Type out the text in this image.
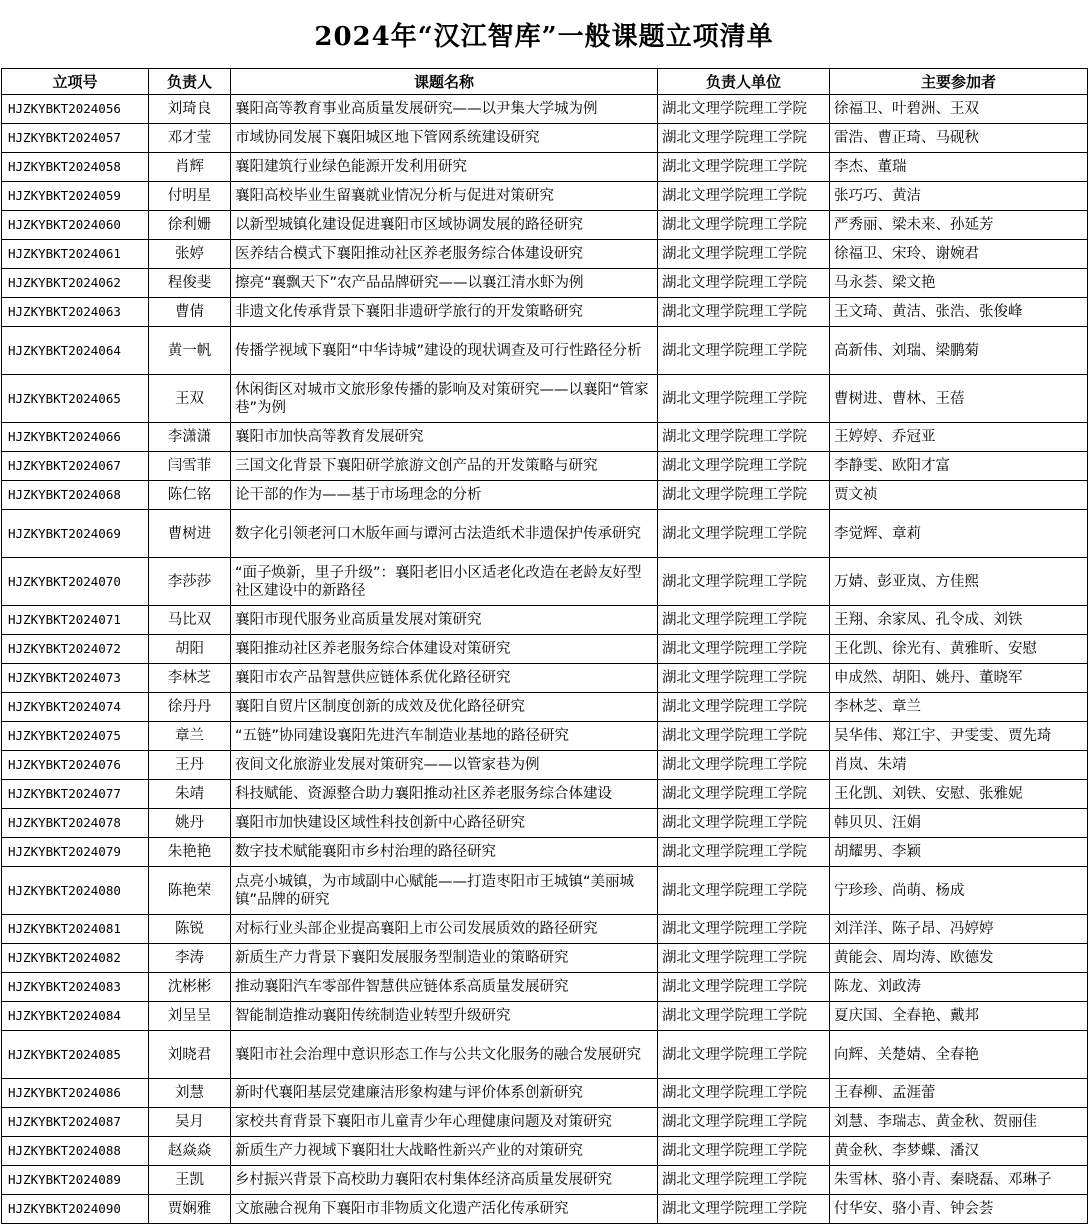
2024年“汉江智库”一般课题立项清单
立项号	负责人	课题名称	负责人单位	主要参加者
HJZKYBKT2024056	刘琦良	襄阳高等教育事业高质量发展研究——以尹集大学城为例	湖北文理学院理工学院	徐福卫、叶碧洲、王双
HJZKYBKT2024057	邓才莹	市域协同发展下襄阳城区地下管网系统建设研究	湖北文理学院理工学院	雷浩、曹正琦、马砚秋
HJZKYBKT2024058	肖辉	襄阳建筑行业绿色能源开发利用研究	湖北文理学院理工学院	李杰、董瑞
HJZKYBKT2024059	付明星	襄阳高校毕业生留襄就业情况分析与促进对策研究	湖北文理学院理工学院	张巧巧、黄洁
HJZKYBKT2024060	徐利姗	以新型城镇化建设促进襄阳市区域协调发展的路径研究	湖北文理学院理工学院	严秀丽、梁未来、孙延芳
HJZKYBKT2024061	张婷	医养结合模式下襄阳推动社区养老服务综合体建设研究	湖北文理学院理工学院	徐福卫、宋玲、谢婉君
HJZKYBKT2024062	程俊斐	擦亮“襄飘天下”农产品品牌研究——以襄江清水虾为例	湖北文理学院理工学院	马永荟、梁文艳
HJZKYBKT2024063	曹倩	非遗文化传承背景下襄阳非遗研学旅行的开发策略研究	湖北文理学院理工学院	王文琦、黄洁、张浩、张俊峰
HJZKYBKT2024064	黄一帆	传播学视域下襄阳“中华诗城”建设的现状调查及可行性路径分析	湖北文理学院理工学院	高新伟、刘瑞、梁鹏菊
HJZKYBKT2024065	王双	休闲街区对城市文旅形象传播的影响及对策研究——以襄阳“管家巷”为例	湖北文理学院理工学院	曹树进、曹林、王蓓
HJZKYBKT2024066	李潇潇	襄阳市加快高等教育发展研究	湖北文理学院理工学院	王婷婷、乔冠亚
HJZKYBKT2024067	闫雪菲	三国文化背景下襄阳研学旅游文创产品的开发策略与研究	湖北文理学院理工学院	李静雯、欧阳才富
HJZKYBKT2024068	陈仁铭	论干部的作为——基于市场理念的分析	湖北文理学院理工学院	贾文祯
HJZKYBKT2024069	曹树进	数字化引领老河口木版年画与谭河古法造纸术非遗保护传承研究	湖北文理学院理工学院	李觉辉、章莉
HJZKYBKT2024070	李莎莎	“面子焕新，里子升级”：襄阳老旧小区适老化改造在老龄友好型社区建设中的新路径	湖北文理学院理工学院	万婧、彭亚岚、方佳熙
HJZKYBKT2024071	马比双	襄阳市现代服务业高质量发展对策研究	湖北文理学院理工学院	王翔、余家凤、孔令成、刘铁
HJZKYBKT2024072	胡阳	襄阳推动社区养老服务综合体建设对策研究	湖北文理学院理工学院	王化凯、徐光有、黄雅昕、安慰
HJZKYBKT2024073	李林芝	襄阳市农产品智慧供应链体系优化路径研究	湖北文理学院理工学院	申成然、胡阳、姚丹、董晓军
HJZKYBKT2024074	徐丹丹	襄阳自贸片区制度创新的成效及优化路径研究	湖北文理学院理工学院	李林芝、章兰
HJZKYBKT2024075	章兰	“五链”协同建设襄阳先进汽车制造业基地的路径研究	湖北文理学院理工学院	吴华伟、郑江宇、尹雯雯、贾先琦
HJZKYBKT2024076	王丹	夜间文化旅游业发展对策研究——以管家巷为例	湖北文理学院理工学院	肖岚、朱靖
HJZKYBKT2024077	朱靖	科技赋能、资源整合助力襄阳推动社区养老服务综合体建设	湖北文理学院理工学院	王化凯、刘铁、安慰、张雅妮
HJZKYBKT2024078	姚丹	襄阳市加快建设区域性科技创新中心路径研究	湖北文理学院理工学院	韩贝贝、汪娟
HJZKYBKT2024079	朱艳艳	数字技术赋能襄阳市乡村治理的路径研究	湖北文理学院理工学院	胡耀男、李颖
HJZKYBKT2024080	陈艳荣	点亮小城镇，为市域副中心赋能——打造枣阳市王城镇“美丽城镇”品牌的研究	湖北文理学院理工学院	宁珍珍、尚萌、杨成
HJZKYBKT2024081	陈锐	对标行业头部企业提高襄阳上市公司发展质效的路径研究	湖北文理学院理工学院	刘洋洋、陈子昂、冯婷婷
HJZKYBKT2024082	李涛	新质生产力背景下襄阳发展服务型制造业的策略研究	湖北文理学院理工学院	黄能会、周均涛、欧德发
HJZKYBKT2024083	沈彬彬	推动襄阳汽车零部件智慧供应链体系高质量发展研究	湖北文理学院理工学院	陈龙、刘政涛
HJZKYBKT2024084	刘呈呈	智能制造推动襄阳传统制造业转型升级研究	湖北文理学院理工学院	夏庆国、全春艳、戴邦
HJZKYBKT2024085	刘晓君	襄阳市社会治理中意识形态工作与公共文化服务的融合发展研究	湖北文理学院理工学院	向辉、关楚婧、全春艳
HJZKYBKT2024086	刘慧	新时代襄阳基层党建廉洁形象构建与评价体系创新研究	湖北文理学院理工学院	王春柳、孟涯蕾
HJZKYBKT2024087	吴月	家校共育背景下襄阳市儿童青少年心理健康问题及对策研究	湖北文理学院理工学院	刘慧、李瑞志、黄金秋、贺丽佳
HJZKYBKT2024088	赵焱焱	新质生产力视域下襄阳壮大战略性新兴产业的对策研究	湖北文理学院理工学院	黄金秋、李梦蝶、潘汉
HJZKYBKT2024089	王凯	乡村振兴背景下高校助力襄阳农村集体经济高质量发展研究	湖北文理学院理工学院	朱雪林、骆小青、秦晓磊、邓琳子
HJZKYBKT2024090	贾娴雅	文旅融合视角下襄阳市非物质文化遗产活化传承研究	湖北文理学院理工学院	付华安、骆小青、钟会荟
